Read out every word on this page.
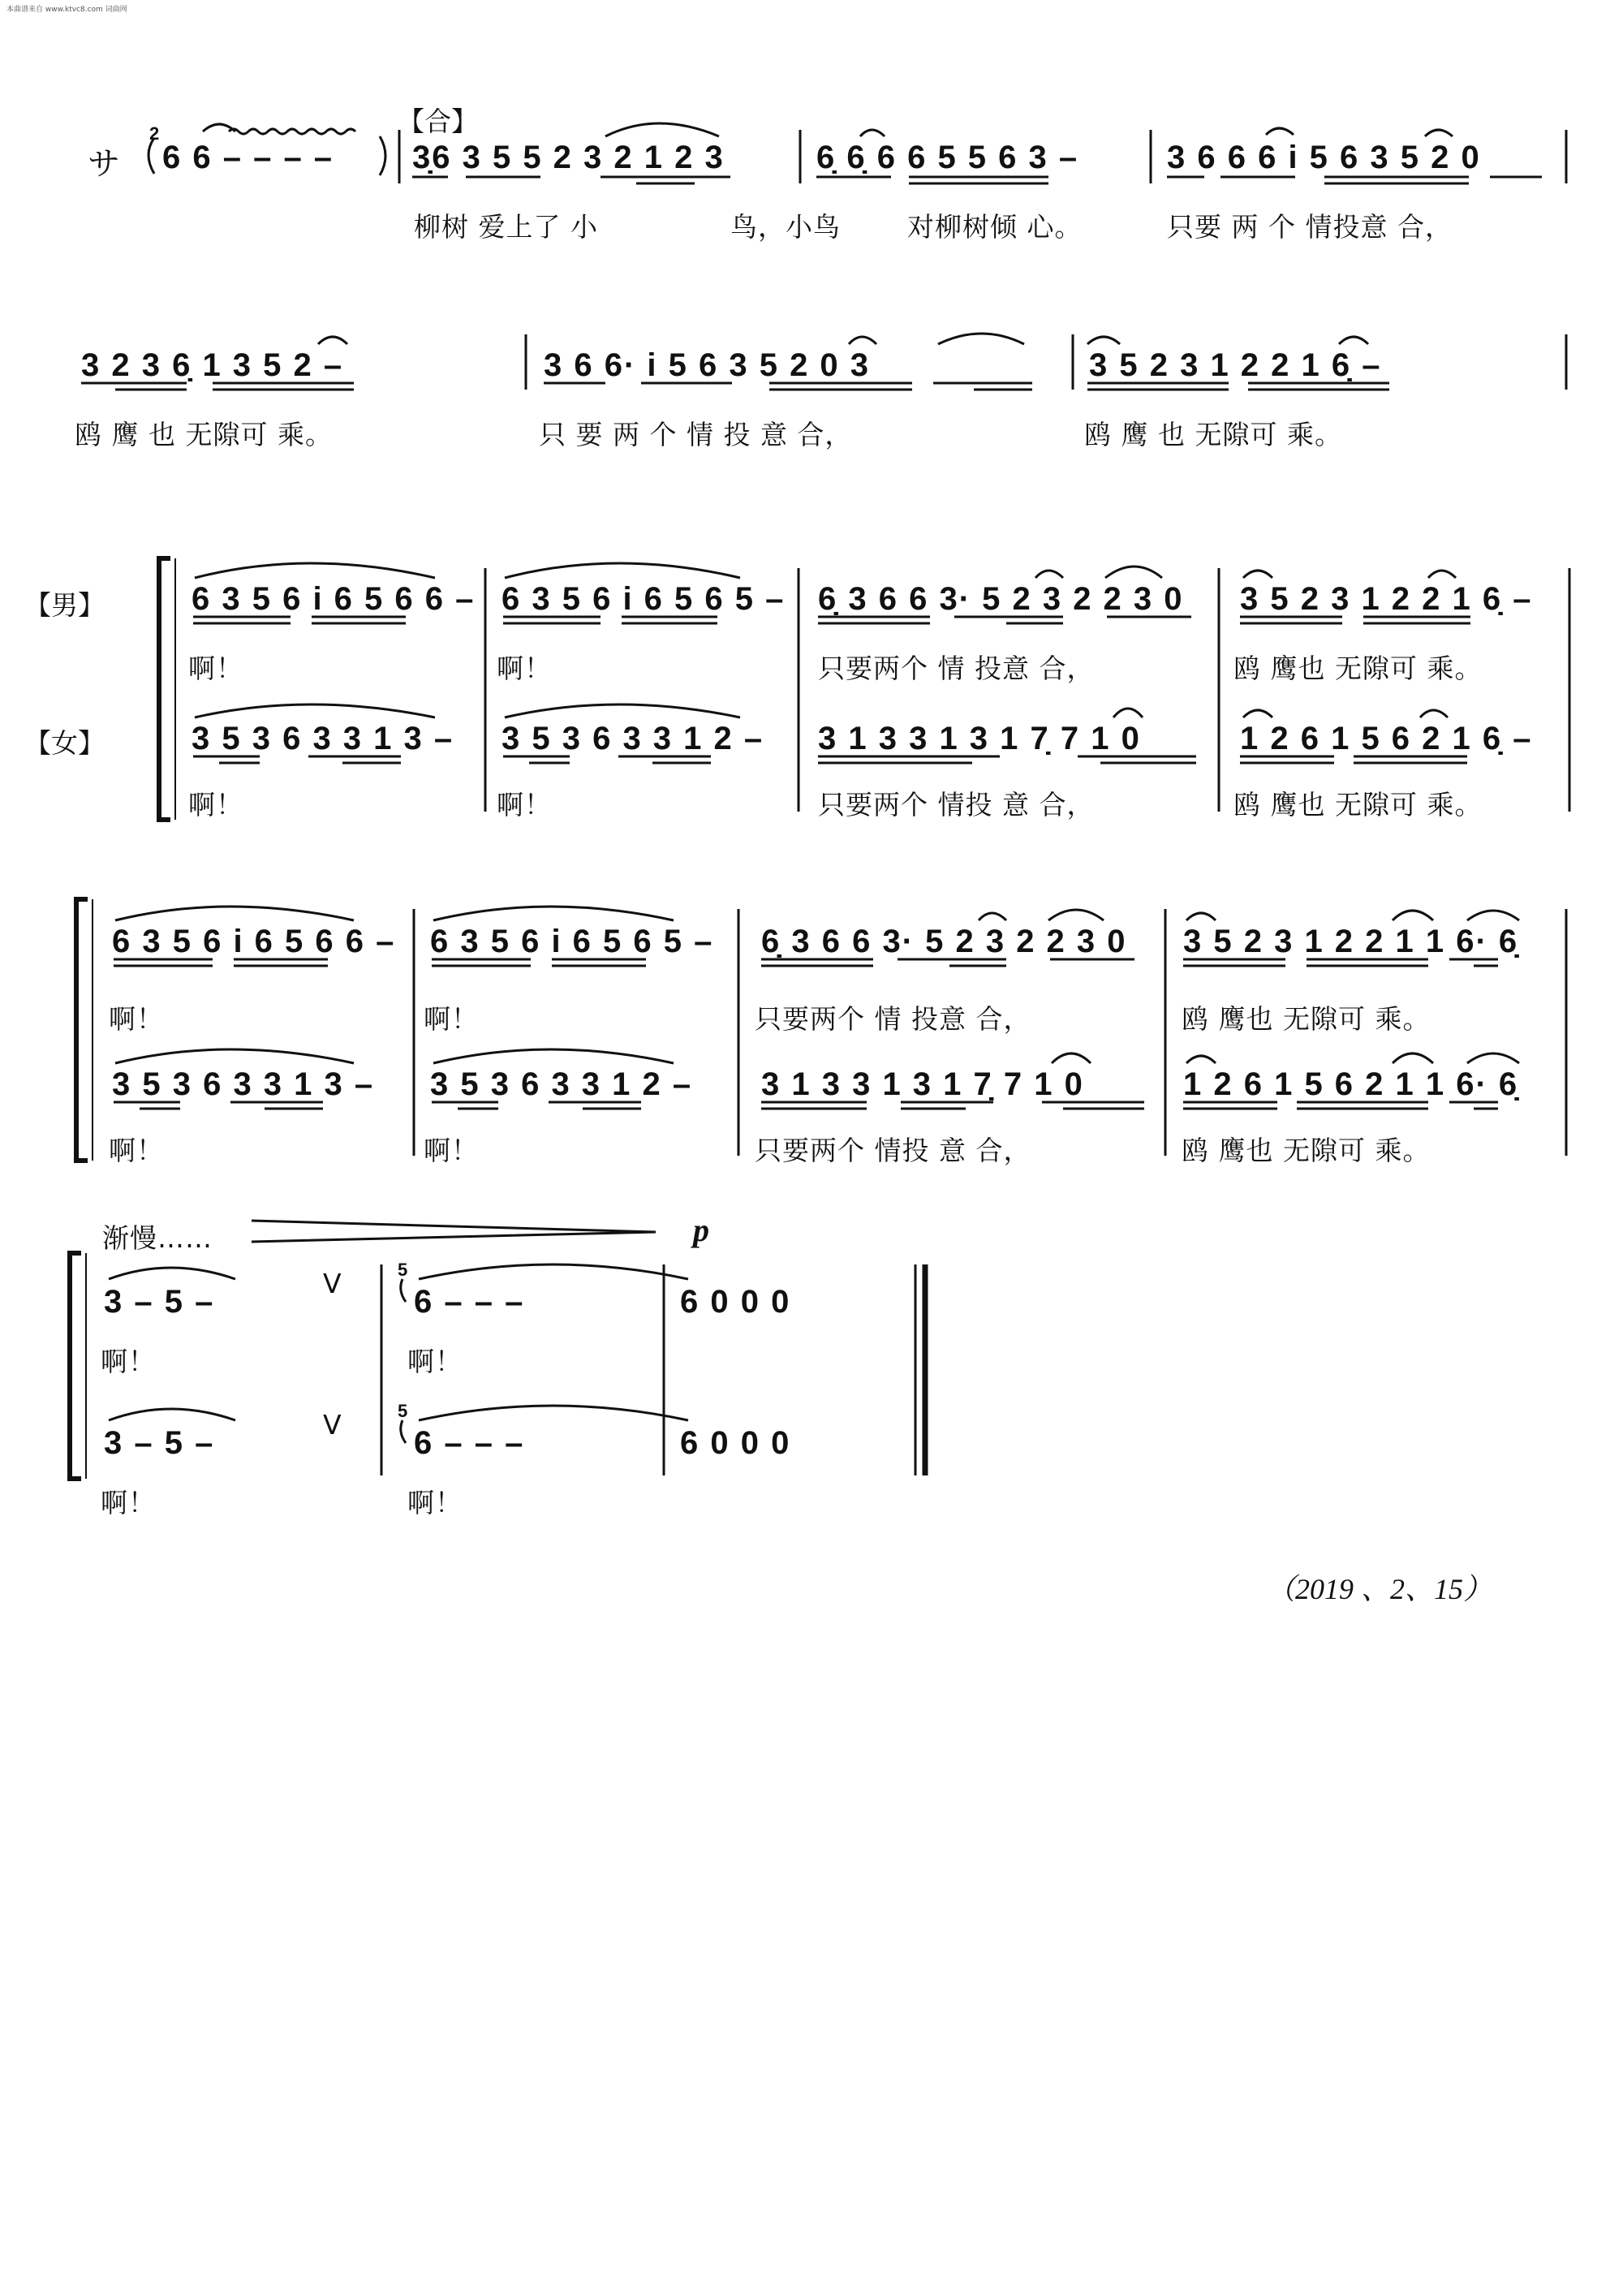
本曲谱来自 www.ktvc8.com 词曲网
サ
2
6 6 – – – –
【合】
3̣6 3 5 5 2 3 2 1 2 3	6̣ 6̣ 6 6 5 5 6 3 –	3 6 6 6 i 5 6 3 5 2 0
柳树 爱上了 小	鸟，小鸟 对柳树倾 心。	只要 两 个 情投意 合，
3 2 3 6̣ 1 3 5 2 –	3 6 6· i 5 6 3 5 2 0 3	3 5 2 3 1 2 2 1 6̣ –
鸥 鹰 也 无隙可 乘。	只 要 两 个 情 投 意 合，	鸥 鹰 也 无隙可 乘。
【男】
【女】
6 3 5 6 i 6 5 6 6 – 6 3 5 6 i 6 5 6 5 – 6̣ 3 6 6 3· 5 2 3 2 2 3 0 3 5 2 3 1 2 2 1 6̣ –
啊！	啊！	只要两个 情 投意 合，	鸥 鹰也 无隙可 乘。
3 5 3 6 3 3 1 3 – 3 5 3 6 3 3 1 2 – 3 1 3 3 1 3 1 7̣ 7 1 0	1 2 6 1 5 6 2 1 6̣ –
啊！	啊！	只要两个 情投 意 合，	鸥 鹰也 无隙可 乘。
6 3 5 6 i 6 5 6 6 – 6 3 5 6 i 6 5 6 5 – 6̣ 3 6 6 3· 5 2 3 2 2 3 0 3 5 2 3 1 2 2 1 1 6· 6̣
啊！	啊！	只要两个 情 投意 合，	鸥 鹰也 无隙可 乘。
3 5 3 6 3 3 1 3 – 3 5 3 6 3 3 1 2 – 3 1 3 3 1 3 1 7̣ 7 1 0	1 2 6 1 5 6 2 1 1 6· 6̣
啊！	啊！	只要两个 情投 意 合，	鸥 鹰也 无隙可 乘。
渐慢……	p
3 – 5 –
V	5
6 – – –	6 0 0 0
啊！	啊！
3 – 5 –
V	5
6 – – –	6 0 0 0
啊！	啊！
（2019 、2、15）
